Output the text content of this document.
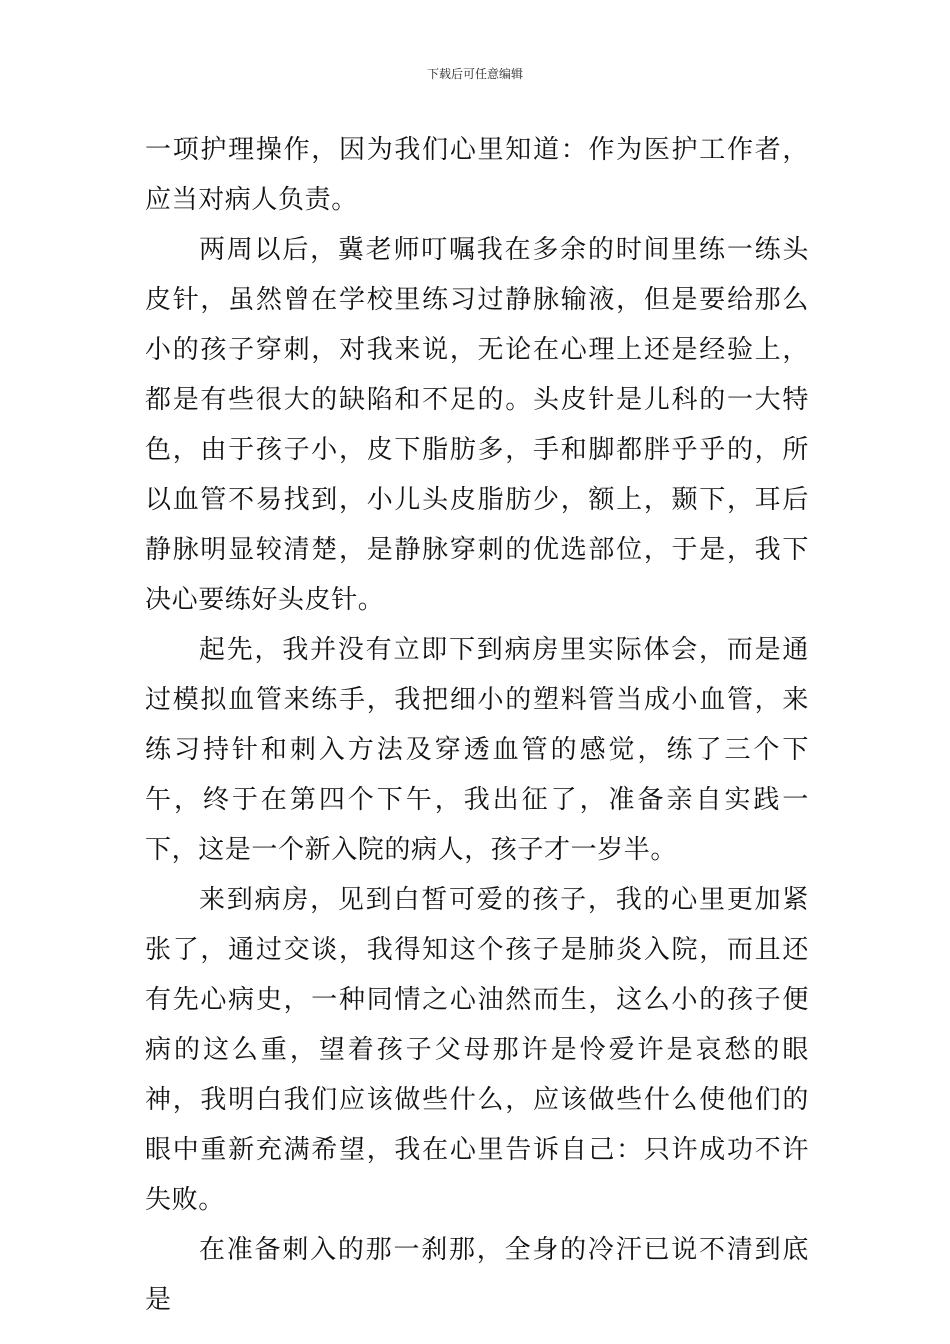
下载后可任意编辑

一项护理操作，因为我们心里知道：作为医护工作者，应当对病人负责。

两周以后，冀老师叮嘱我在多余的时间里练一练头皮针，虽然曾在学校里练习过静脉输液，但是要给那么小的孩子穿刺，对我来说，无论在心理上还是经验上，都是有些很大的缺陷和不足的。头皮针是儿科的一大特色，由于孩子小，皮下脂肪多，手和脚都胖乎乎的，所以血管不易找到，小儿头皮脂肪少，额上，颞下，耳后静脉明显较清楚，是静脉穿刺的优选部位，于是，我下决心要练好头皮针。

起先，我并没有立即下到病房里实际体会，而是通过模拟血管来练手，我把细小的塑料管当成小血管，来练习持针和刺入方法及穿透血管的感觉，练了三个下午，终于在第四个下午，我出征了，准备亲自实践一下，这是一个新入院的病人，孩子才一岁半。

来到病房，见到白皙可爱的孩子，我的心里更加紧张了，通过交谈，我得知这个孩子是肺炎入院，而且还有先心病史，一种同情之心油然而生，这么小的孩子便病的这么重，望着孩子父母那许是怜爱许是哀愁的眼神，我明白我们应该做些什么，应该做些什么使他们的眼中重新充满希望，我在心里告诉自己：只许成功不许失败。

在准备刺入的那一刹那，全身的冷汗已说不清到底是
